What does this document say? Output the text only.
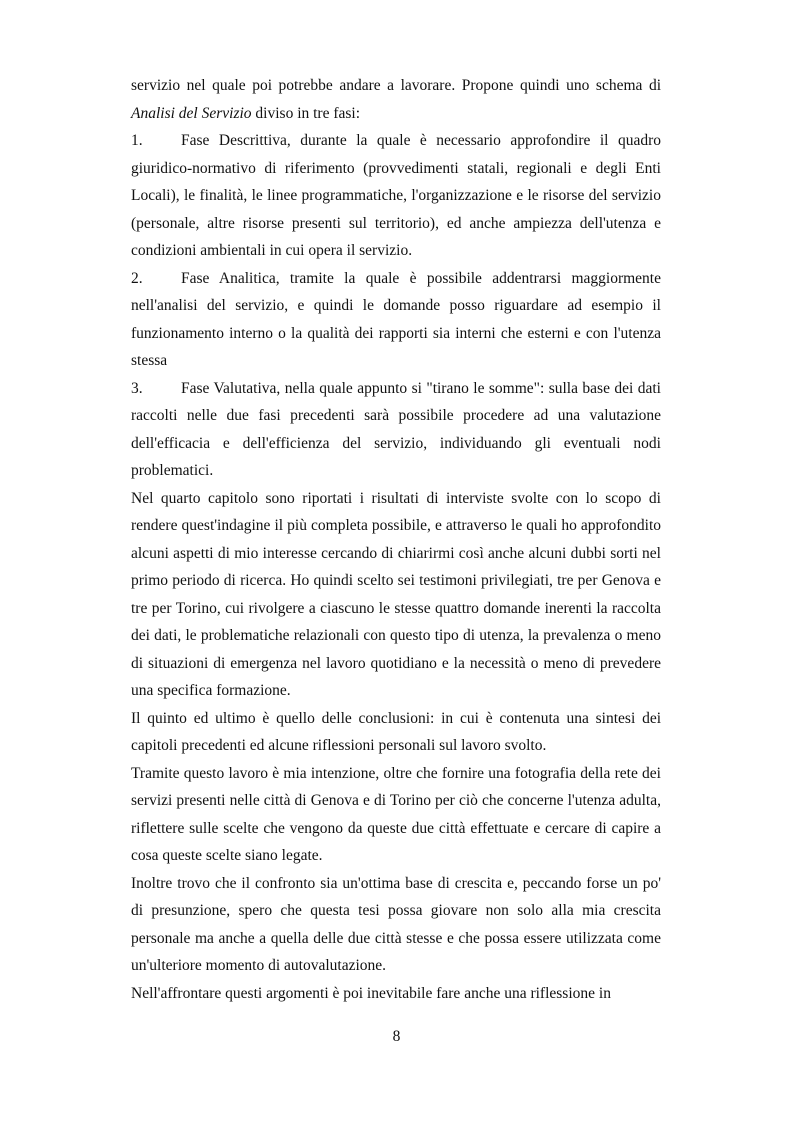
servizio nel quale poi potrebbe andare a lavorare. Propone quindi uno schema di Analisi del Servizio diviso in tre fasi:

1. Fase Descrittiva, durante la quale è necessario approfondire il quadro giuridico-normativo di riferimento (provvedimenti statali, regionali e degli Enti Locali), le finalità, le linee programmatiche, l'organizzazione e le risorse del servizio (personale, altre risorse presenti sul territorio), ed anche ampiezza dell'utenza e condizioni ambientali in cui opera il servizio.

2. Fase Analitica, tramite la quale è possibile addentrarsi maggiormente nell'analisi del servizio, e quindi le domande posso riguardare ad esempio il funzionamento interno o la qualità dei rapporti sia interni che esterni e con l'utenza stessa

3. Fase Valutativa, nella quale appunto si "tirano le somme": sulla base dei dati raccolti nelle due fasi precedenti sarà possibile procedere ad una valutazione dell'efficacia e dell'efficienza del servizio, individuando gli eventuali nodi problematici.

Nel quarto capitolo sono riportati i risultati di interviste svolte con lo scopo di rendere quest'indagine il più completa possibile, e attraverso le quali ho approfondito alcuni aspetti di mio interesse cercando di chiarirmi così anche alcuni dubbi sorti nel primo periodo di ricerca. Ho quindi scelto sei testimoni privilegiati, tre per Genova e tre per Torino, cui rivolgere a ciascuno le stesse quattro domande inerenti la raccolta dei dati, le problematiche relazionali con questo tipo di utenza, la prevalenza o meno di situazioni di emergenza nel lavoro quotidiano e la necessità o meno di prevedere una specifica formazione.

Il quinto ed ultimo è quello delle conclusioni: in cui è contenuta una sintesi dei capitoli precedenti ed alcune riflessioni personali sul lavoro svolto.

Tramite questo lavoro è mia intenzione, oltre che fornire una fotografia della rete dei servizi presenti nelle città di Genova e di Torino per ciò che concerne l'utenza adulta, riflettere sulle scelte che vengono da queste due città effettuate e cercare di capire a cosa queste scelte siano legate.

Inoltre trovo che il confronto sia un'ottima base di crescita e, peccando forse un po' di presunzione, spero che questa tesi possa giovare non solo alla mia crescita personale ma anche a quella delle due città stesse e che possa essere utilizzata come un'ulteriore momento di autovalutazione.

Nell'affrontare questi argomenti è poi inevitabile fare anche una riflessione in

8
